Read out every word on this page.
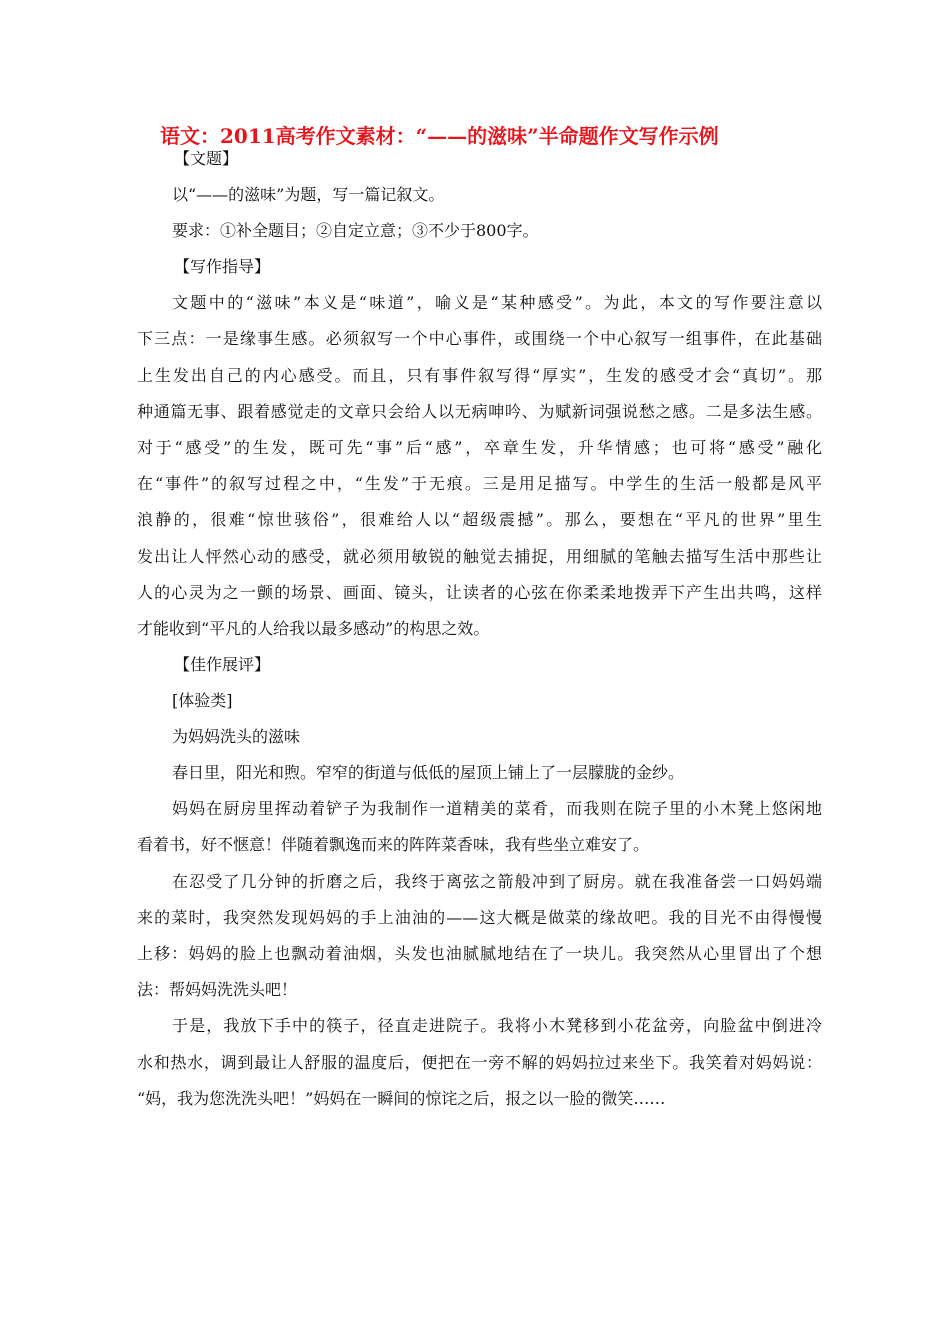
语文：2011高考作文素材：“——的滋味”半命题作文写作示例
【文题】
以“——的滋味”为题，写一篇记叙文。
要求：①补全题目；②自定立意；③不少于800字。
【写作指导】
文题中的“滋味”本义是“味道”，喻义是“某种感受”。为此，本文的写作要注意以
下三点：一是缘事生感。必须叙写一个中心事件，或围绕一个中心叙写一组事件，在此基础
上生发出自己的内心感受。而且，只有事件叙写得“厚实”，生发的感受才会“真切”。那
种通篇无事、跟着感觉走的文章只会给人以无病呻吟、为赋新词强说愁之感。二是多法生感。
对于“感受”的生发，既可先“事”后“感”，卒章生发，升华情感；也可将“感受”融化
在“事件”的叙写过程之中，“生发”于无痕。三是用足描写。中学生的生活一般都是风平
浪静的，很难“惊世骇俗”，很难给人以“超级震撼”。那么，要想在“平凡的世界”里生
发出让人怦然心动的感受，就必须用敏锐的触觉去捕捉，用细腻的笔触去描写生活中那些让
人的心灵为之一颤的场景、画面、镜头，让读者的心弦在你柔柔地拨弄下产生出共鸣，这样
才能收到“平凡的人给我以最多感动”的构思之效。
【佳作展评】
[体验类]
为妈妈洗头的滋味
春日里，阳光和煦。窄窄的街道与低低的屋顶上铺上了一层朦胧的金纱。
妈妈在厨房里挥动着铲子为我制作一道精美的菜肴，而我则在院子里的小木凳上悠闲地
看着书，好不惬意！伴随着飘逸而来的阵阵菜香味，我有些坐立难安了。
在忍受了几分钟的折磨之后，我终于离弦之箭般冲到了厨房。就在我准备尝一口妈妈端
来的菜时，我突然发现妈妈的手上油油的——这大概是做菜的缘故吧。我的目光不由得慢慢
上移：妈妈的脸上也飘动着油烟，头发也油腻腻地结在了一块儿。我突然从心里冒出了个想
法：帮妈妈洗洗头吧！
于是，我放下手中的筷子，径直走进院子。我将小木凳移到小花盆旁，向脸盆中倒进冷
水和热水，调到最让人舒服的温度后，便把在一旁不解的妈妈拉过来坐下。我笑着对妈妈说：
“妈，我为您洗洗头吧！”妈妈在一瞬间的惊诧之后，报之以一脸的微笑……
